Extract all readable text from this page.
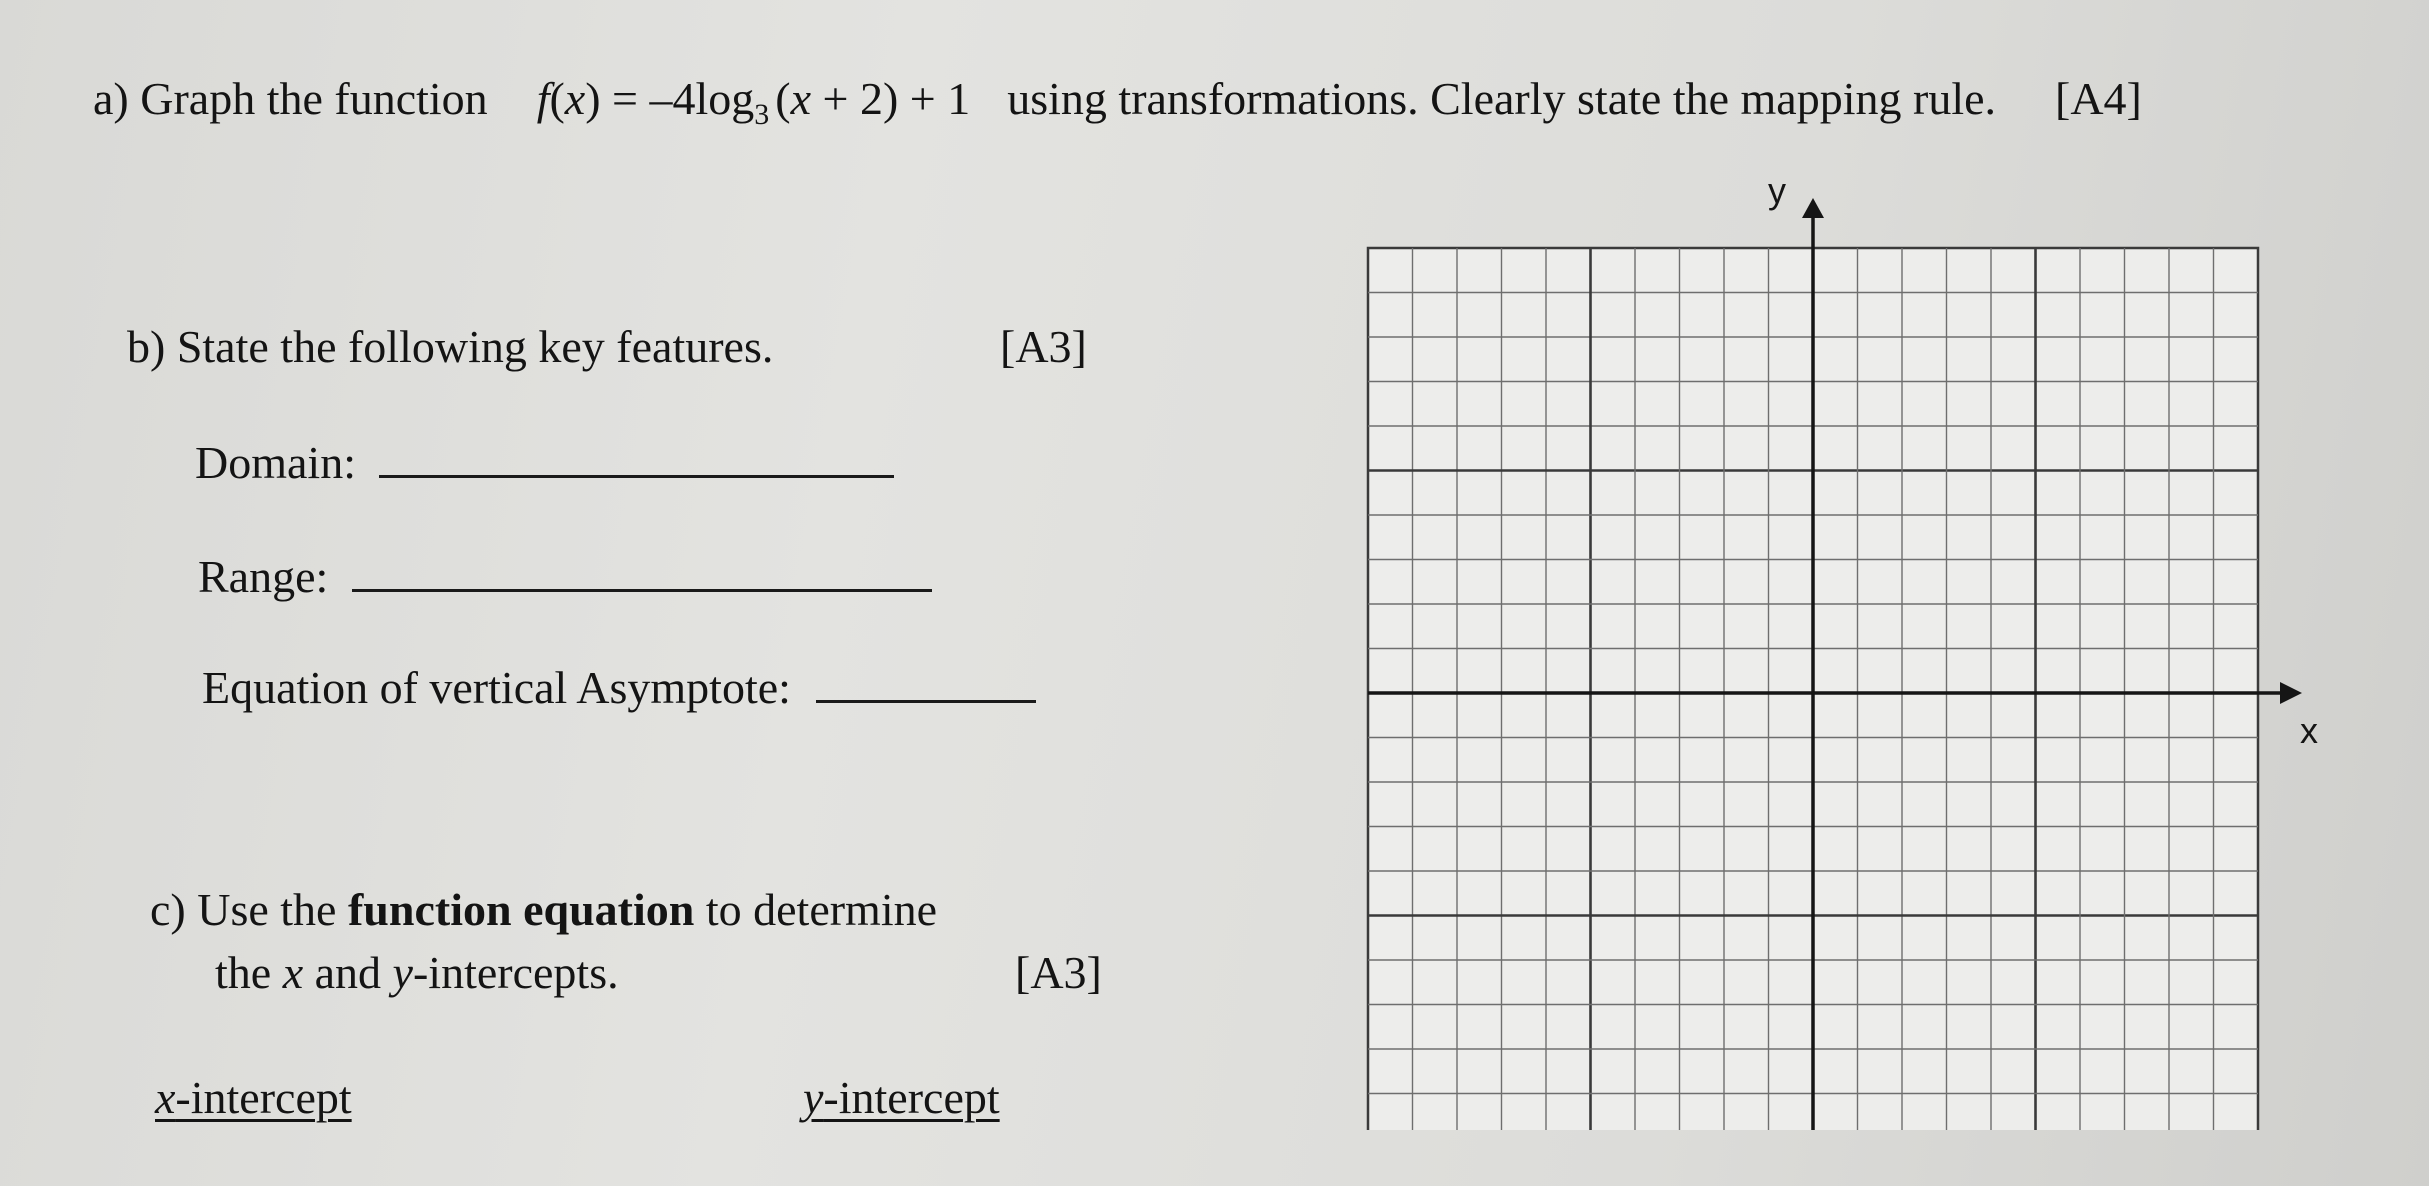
a) Graph the function $f(x) = -4\log_3$ (x + 2) + 1 using transformations. Clearly state the mapping rule. [A4]
b) State the following key features.	[A3]
Domain:
Range:
Equation of vertical Asymptote:
c) Use the function equation to determine
the x and y-intercepts.	[A3]
x-intercept	y-intercept
y
x
